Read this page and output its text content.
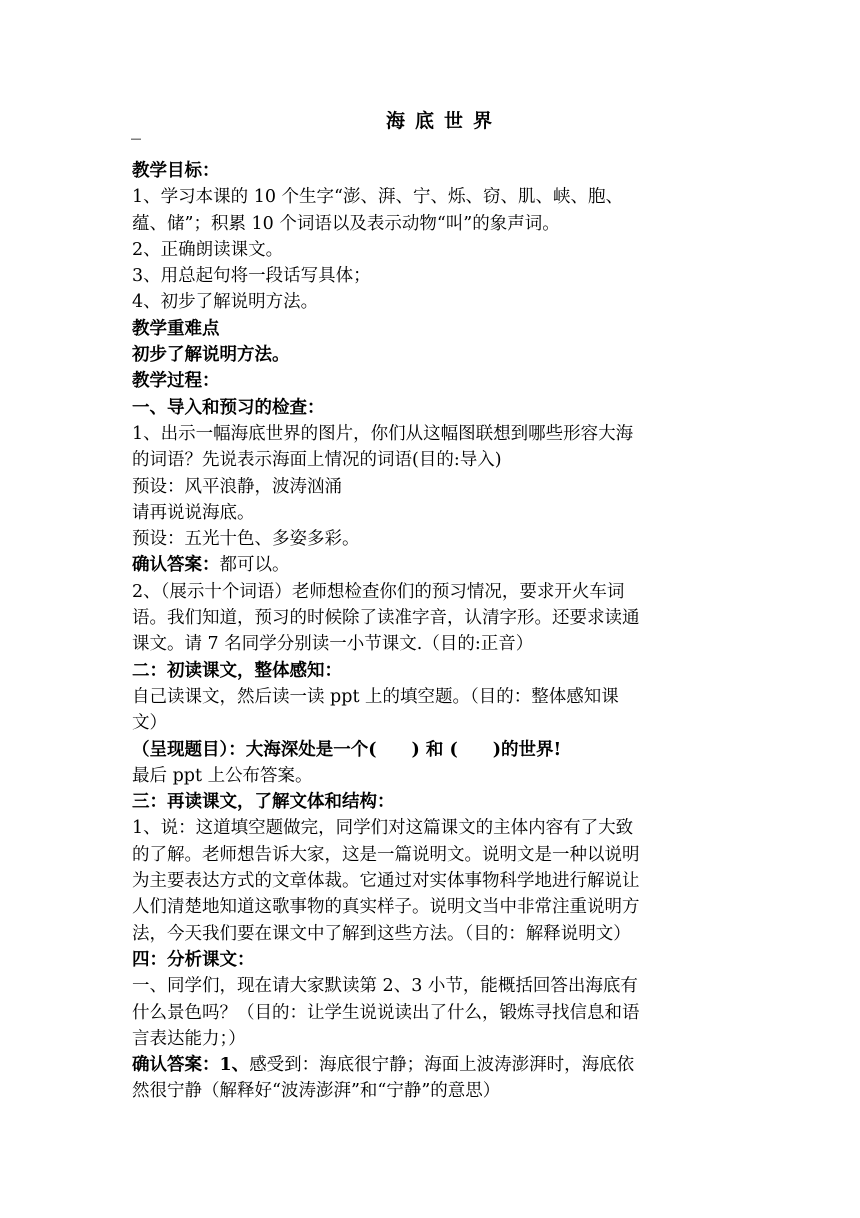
_	海底世界

教学目标：

1、学习本课的 10 个生字“澎、湃、宁、烁、窃、肌、峡、胞、

蕴、储”；积累 10 个词语以及表示动物“叫”的象声词。

2、正确朗读课文。

3、用总起句将一段话写具体；

4、初步了解说明方法。

教学重难点

初步了解说明方法。

教学过程：

一、导入和预习的检查：

1、出示一幅海底世界的图片，你们从这幅图联想到哪些形容大海

的词语？先说表示海面上情况的词语(目的:导入)

预设：风平浪静，波涛汹涌

请再说说海底。

预设：五光十色、多姿多彩。

确认答案：都可以。

2、（展示十个词语）老师想检查你们的预习情况，要求开火车词

语。我们知道，预习的时候除了读准字音，认清字形。还要求读通

课文。请 7 名同学分别读一小节课文.（目的:正音）

二：初读课文，整体感知：

自己读课文，然后读一读 ppt 上的填空题。（目的：整体感知课

文）

（呈现题目）：大海深处是一个(　　) 和 (　　)的世界!

最后 ppt 上公布答案。

三：再读课文，了解文体和结构：

1、说：这道填空题做完，同学们对这篇课文的主体内容有了大致

的了解。老师想告诉大家，这是一篇说明文。说明文是一种以说明

为主要表达方式的文章体裁。它通过对实体事物科学地进行解说让

人们清楚地知道这歌事物的真实样子。说明文当中非常注重说明方

法，今天我们要在课文中了解到这些方法。（目的：解释说明文）

四：分析课文：

一、同学们，现在请大家默读第 2、3 小节，能概括回答出海底有

什么景色吗？（目的：让学生说说读出了什么，锻炼寻找信息和语

言表达能力；）

确认答案：1、感受到：海底很宁静；海面上波涛澎湃时，海底依

然很宁静（解释好“波涛澎湃”和“宁静”的意思）
